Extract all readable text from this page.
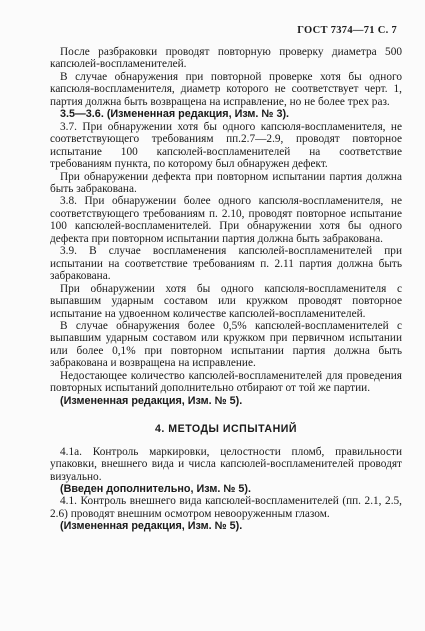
ГОСТ 7374—71 С. 7

После разбраковки проводят повторную проверку диаметра 500 капсюлей-воспламенителей.

В случае обнаружения при повторной проверке хотя бы одного капсюля-воспламенителя, диаметр которого не соответствует черт. 1, партия должна быть возвращена на исправление, но не более трех раз.

3.5—3.6. (Измененная редакция, Изм. № 3).

3.7. При обнаружении хотя бы одного капсюля-воспламенителя, не соответствующего требованиям пп.2.7—2.9, проводят повторное испытание 100 капсюлей-воспламенителей на соответствие требованиям пункта, по которому был обнаружен дефект.

При обнаружении дефекта при повторном испытании партия должна быть забракована.

3.8. При обнаружении более одного капсюля-воспламенителя, не соответствующего требованиям п. 2.10, проводят повторное испытание 100 капсюлей-воспламенителей. При обнаружении хотя бы одного дефекта при повторном испытании партия должна быть забракована.

3.9. В случае воспламенения капсюлей-воспламенителей при испытании на соответствие требованиям п. 2.11 партия должна быть забракована.

При обнаружении хотя бы одного капсюля-воспламенителя с выпавшим ударным составом или кружком проводят повторное испытание на удвоенном количестве капсюлей-воспламенителей.

В случае обнаружения более 0,5% капсюлей-воспламенителей с выпавшим ударным составом или кружком при первичном испытании или более 0,1% при повторном испытании партия должна быть забракована и возвращена на исправление.

Недостающее количество капсюлей-воспламенителей для проведения повторных испытаний дополнительно отбирают от той же партии.

(Измененная редакция, Изм. № 5).

4. МЕТОДЫ ИСПЫТАНИЙ

4.1а. Контроль маркировки, целостности пломб, правильности упаковки, внешнего вида и числа капсюлей-воспламенителей проводят визуально.

(Введен дополнительно, Изм. № 5).

4.1. Контроль внешнего вида капсюлей-воспламенителей (пп. 2.1, 2.5, 2.6) проводят внешним осмотром невооруженным глазом.

(Измененная редакция, Изм. № 5).
